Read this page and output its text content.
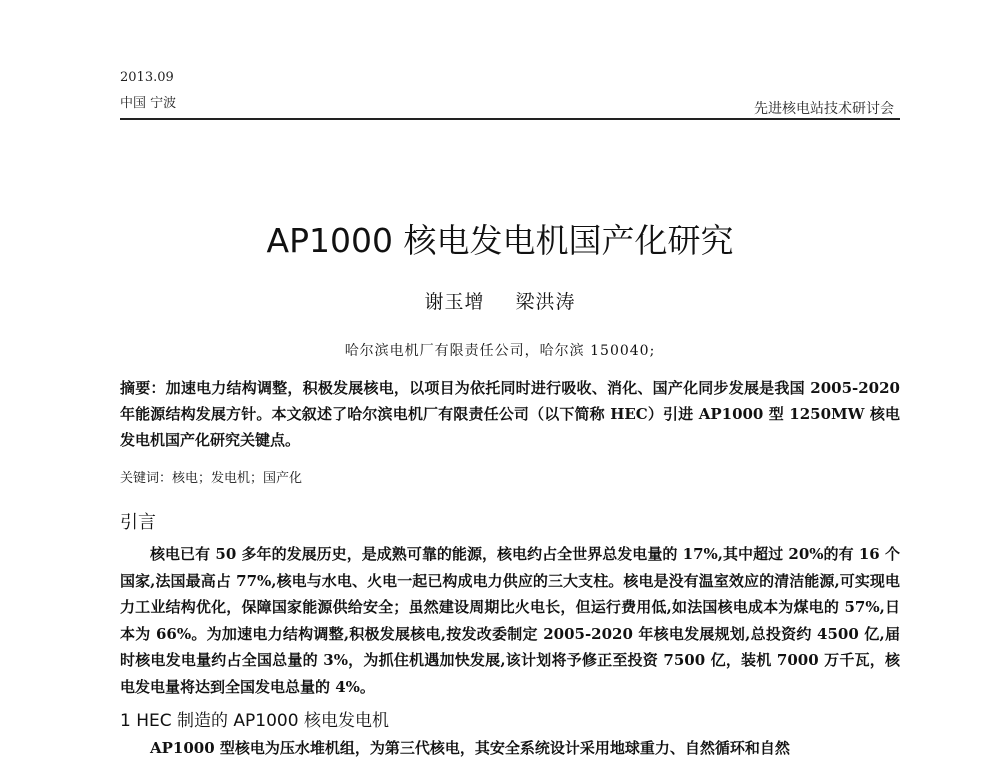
2013.09
中国 宁波	先进核电站技术研讨会
AP1000 核电发电机国产化研究
谢玉增 梁洪涛
哈尔滨电机厂有限责任公司，哈尔滨 150040;
摘要：加速电力结构调整，积极发展核电，以项目为依托同时进行吸收、消化、国产化同步发展是我国 2005-2020 年能源结构发展方针。本文叙述了哈尔滨电机厂有限责任公司（以下简称 HEC）引进 AP1000 型 1250MW 核电发电机国产化研究关键点。
关键词：核电；发电机；国产化
引言
核电已有 50 多年的发展历史，是成熟可靠的能源，核电约占全世界总发电量的 17%,其中超过 20%的有 16 个国家,法国最高占 77%,核电与水电、火电一起已构成电力供应的三大支柱。核电是没有温室效应的清洁能源,可实现电力工业结构优化，保障国家能源供给安全；虽然建设周期比火电长，但运行费用低,如法国核电成本为煤电的 57%,日本为 66%。为加速电力结构调整,积极发展核电,按发改委制定 2005-2020 年核电发展规划,总投资约 4500 亿,届时核电发电量约占全国总量的 3%，为抓住机遇加快发展,该计划将予修正至投资 7500 亿，装机 7000 万千瓦，核电发电量将达到全国发电总量的 4%。
1 HEC 制造的 AP1000 核电发电机
AP1000 型核电为压水堆机组，为第三代核电，其安全系统设计采用地球重力、自然循环和自然
